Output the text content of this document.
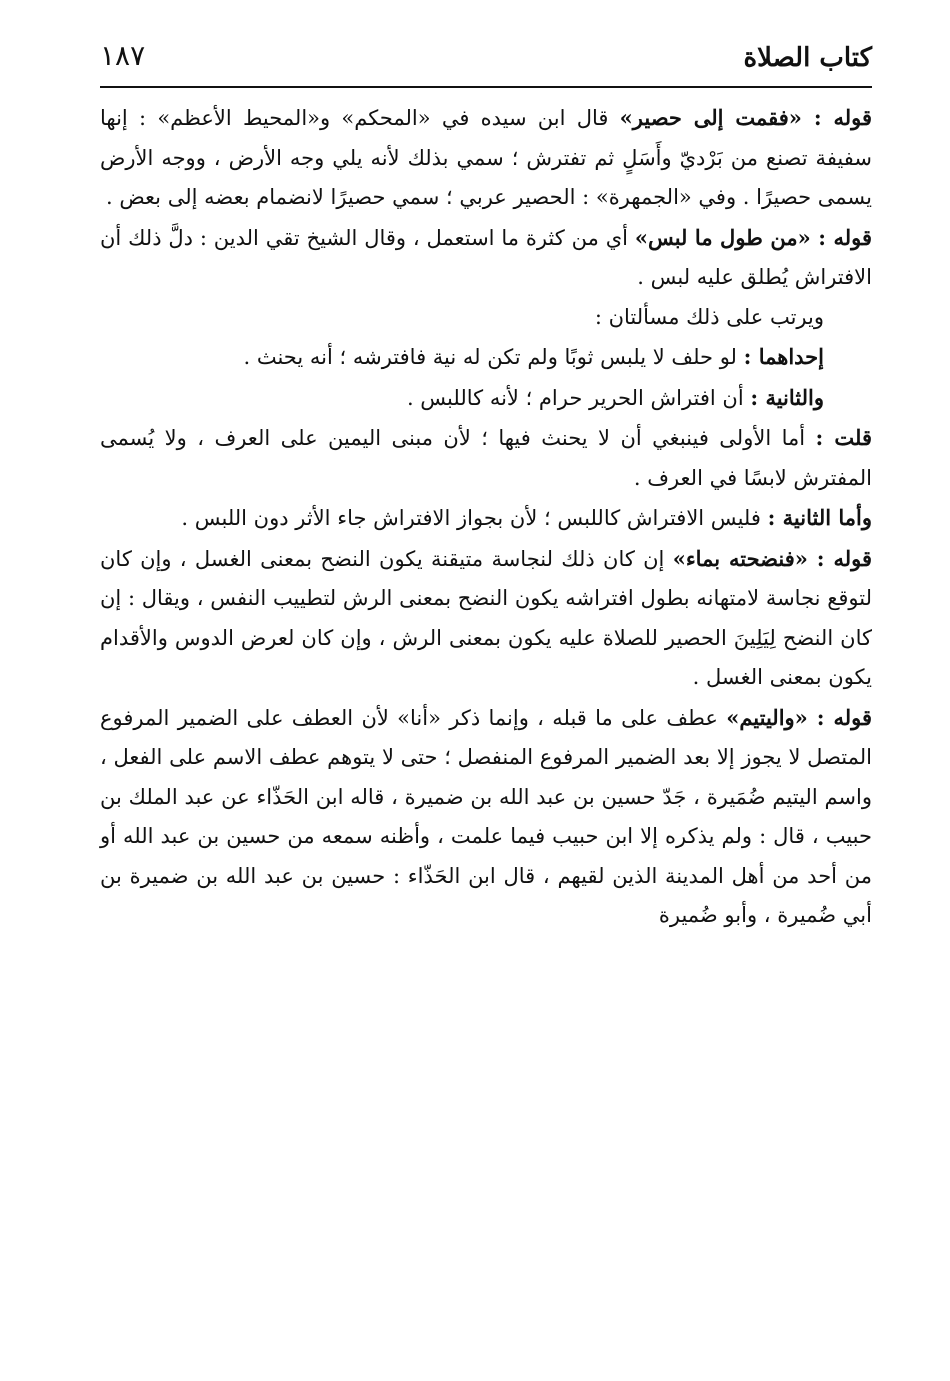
كتاب الصلاة
١٨٧

قوله : «فقمت إلى حصير» قال ابن سيده في «المحكم» و«المحيط الأعظم» : إنها سفيفة تصنع من بَرْديّ وأَسَلٍ ثم تفترش ؛ سمي بذلك لأنه يلي وجه الأرض ، ووجه الأرض يسمى حصيرًا . وفي «الجمهرة» : الحصير عربي ؛ سمي حصيرًا لانضمام بعضه إلى بعض .

قوله : «من طول ما لبس» أي من كثرة ما استعمل ، وقال الشيخ تقي الدين : دلَّ ذلك أن الافتراش يُطلق عليه لبس .

ويرتب على ذلك مسألتان :

إحداهما : لو حلف لا يلبس ثوبًا ولم تكن له نية فافترشه ؛ أنه يحنث .

والثانية : أن افتراش الحرير حرام ؛ لأنه كاللبس .

قلت : أما الأولى فينبغي أن لا يحنث فيها ؛ لأن مبنى اليمين على العرف ، ولا يُسمى المفترش لابسًا في العرف .

وأما الثانية : فليس الافتراش كاللبس ؛ لأن بجواز الافتراش جاء الأثر دون اللبس .

قوله : «فنضحته بماء» إن كان ذلك لنجاسة متيقنة يكون النضح بمعنى الغسل ، وإن كان لتوقع نجاسة لامتهانه بطول افتراشه يكون النضح بمعنى الرش لتطييب النفس ، ويقال : إن كان النضح لِيَلِينَ الحصير للصلاة عليه يكون بمعنى الرش ، وإن كان لعرض الدوس والأقدام يكون بمعنى الغسل .

قوله : «واليتيم» عطف على ما قبله ، وإنما ذكر «أنا» لأن العطف على الضمير المرفوع المتصل لا يجوز إلا بعد الضمير المرفوع المنفصل ؛ حتى لا يتوهم عطف الاسم على الفعل ، واسم اليتيم ضُمَيرة ، جَدّ حسين بن عبد الله بن ضميرة ، قاله ابن الحَذّاء عن عبد الملك بن حبيب ، قال : ولم يذكره إلا ابن حبيب فيما علمت ، وأظنه سمعه من حسين بن عبد الله أو من أحد من أهل المدينة الذين لقيهم ، قال ابن الحَذّاء : حسين بن عبد الله بن ضميرة بن أبي ضُميرة ، وأبو ضُميرة
